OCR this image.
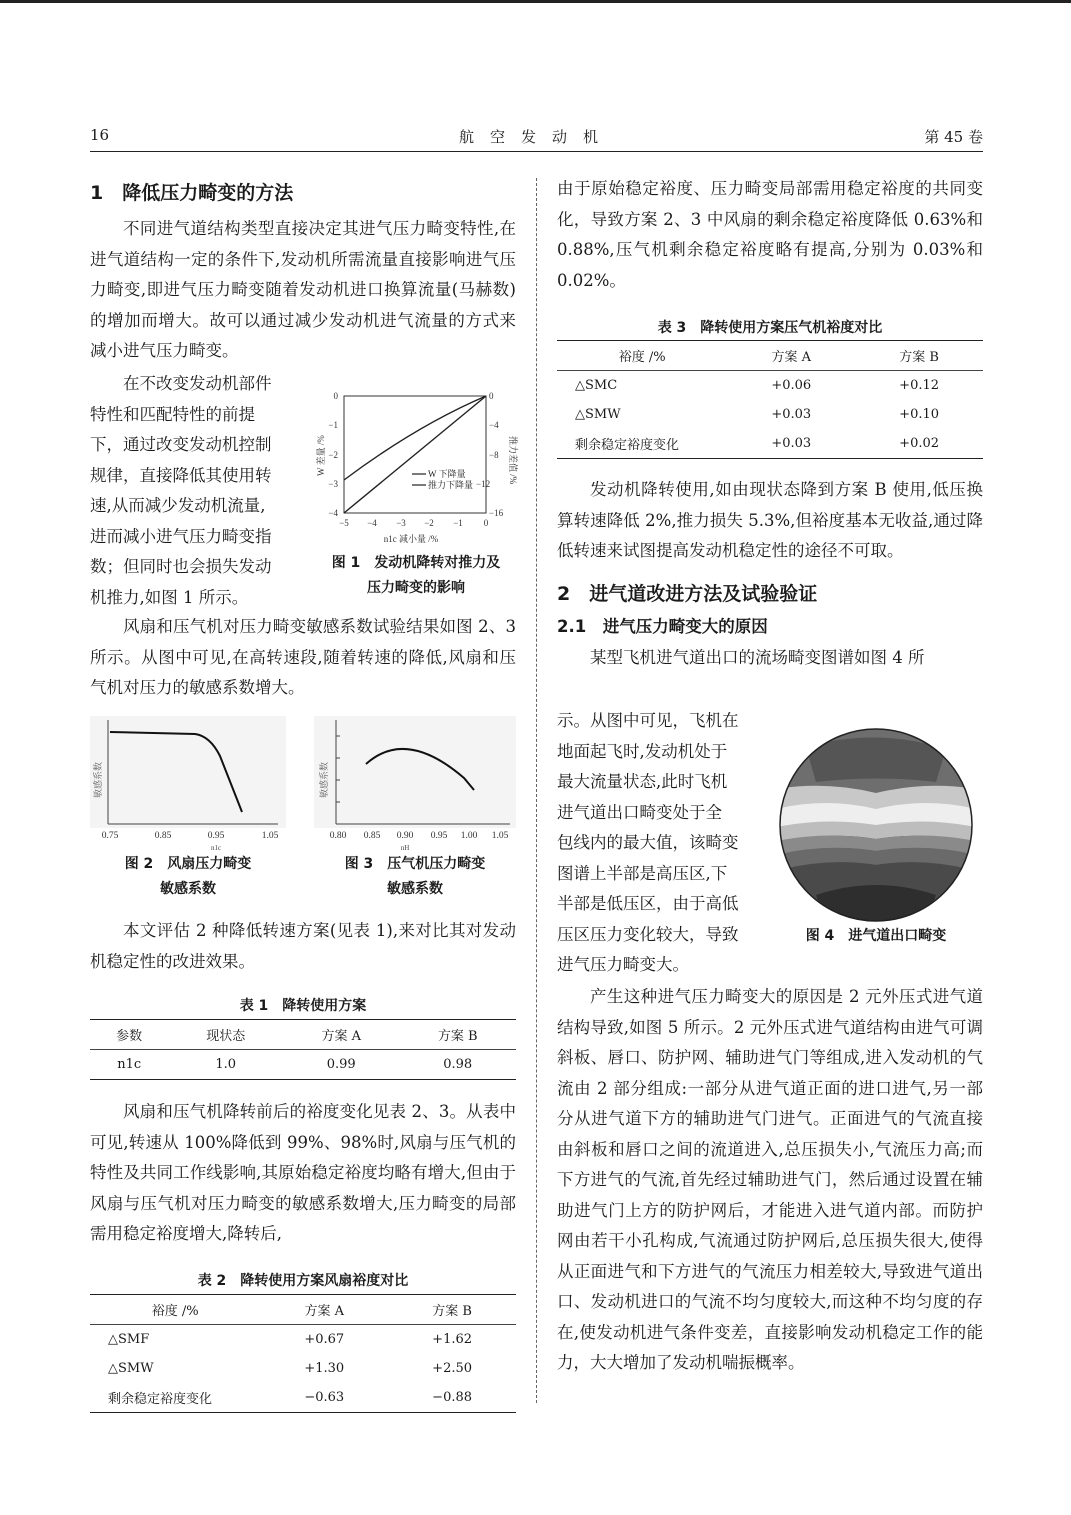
16	航空发动机	第 45 卷

1　降低压力畸变的方法

不同进气道结构类型直接决定其进气压力畸变特性,在进气道结构一定的条件下,发动机所需流量直接影响进气压力畸变,即进气压力畸变随着发动机进口换算流量(马赫数)的增加而增大。故可以通过减少发动机进气流量的方式来减小进气压力畸变。

在不改变发动机部件

特性和匹配特性的前提

下，通过改变发动机控制

规律，直接降低其使用转

速,从而减少发动机流量,

进而减小进气压力畸变指

数；但同时也会损失发动

机推力,如图 1 所示。

0
−1
−2
−3
−4
0
−4
−8
−12
−16
−5 −4 −3 −2 −1 0
n1c 减小量 /%
W 差量 /%	推力差值 /%
W 下降量
推力下降量
图 1　发动机降转对推力及
压力畸变的影响

风扇和压气机对压力畸变敏感系数试验结果如图 2、3 所示。从图中可见,在高转速段,随着转速的降低,风扇和压气机对压力的敏感系数增大。

敏感系数
0.75	0.85	0.95	1.05
n1c
图 2　风扇压力畸变
敏感系数
敏感系数
0.80 0.85 0.90 0.95 1.00 1.05
nH
图 3　压气机压力畸变
敏感系数

本文评估 2 种降低转速方案(见表 1),来对比其对发动机稳定性的改进效果。

表 1　降转使用方案
参数	现状态	方案 A	方案 B
n1c	1.0	0.99	0.98

风扇和压气机降转前后的裕度变化见表 2、3。从表中可见,转速从 100%降低到 99%、98%时,风扇与压气机的特性及共同工作线影响,其原始稳定裕度均略有增大,但由于风扇与压气机对压力畸变的敏感系数增大,压力畸变的局部需用稳定裕度增大,降转后,

表 2　降转使用方案风扇裕度对比
裕度 /%	方案 A	方案 B
△SMF	+0.67	+1.62
△SMW	+1.30	+2.50
剩余稳定裕度变化	−0.63	−0.88

由于原始稳定裕度、压力畸变局部需用稳定裕度的共同变化，导致方案 2、3 中风扇的剩余稳定裕度降低 0.63%和 0.88%,压气机剩余稳定裕度略有提高,分别为 0.03%和 0.02%。

表 3　降转使用方案压气机裕度对比
裕度 /%	方案 A	方案 B
△SMC	+0.06	+0.12
△SMW	+0.03	+0.10
剩余稳定裕度变化	+0.03	+0.02

发动机降转使用,如由现状态降到方案 B 使用,低压换算转速降低 2%,推力损失 5.3%,但裕度基本无收益,通过降低转速来试图提高发动机稳定性的途径不可取。

2　进气道改进方法及试验验证

2.1　进气压力畸变大的原因

某型飞机进气道出口的流场畸变图谱如图 4 所

示。从图中可见，飞机在

地面起飞时,发动机处于

最大流量状态,此时飞机

进气道出口畸变处于全

包线内的最大值，该畸变

图谱上半部是高压区,下

半部是低压区，由于高低

压区压力变化较大，导致

进气压力畸变大。

图 4　进气道出口畸变

产生这种进气压力畸变大的原因是 2 元外压式进气道结构导致,如图 5 所示。2 元外压式进气道结构由进气可调斜板、唇口、防护网、辅助进气门等组成,进入发动机的气流由 2 部分组成:一部分从进气道正面的进口进气,另一部分从进气道下方的辅助进气门进气。正面进气的气流直接由斜板和唇口之间的流道进入,总压损失小,气流压力高;而下方进气的气流,首先经过辅助进气门，然后通过设置在辅助进气门上方的防护网后，才能进入进气道内部。而防护网由若干小孔构成,气流通过防护网后,总压损失很大,使得从正面进气和下方进气的气流压力相差较大,导致进气道出口、发动机进口的气流不均匀度较大,而这种不均匀度的存在,使发动机进气条件变差，直接影响发动机稳定工作的能力，大大增加了发动机喘振概率。
